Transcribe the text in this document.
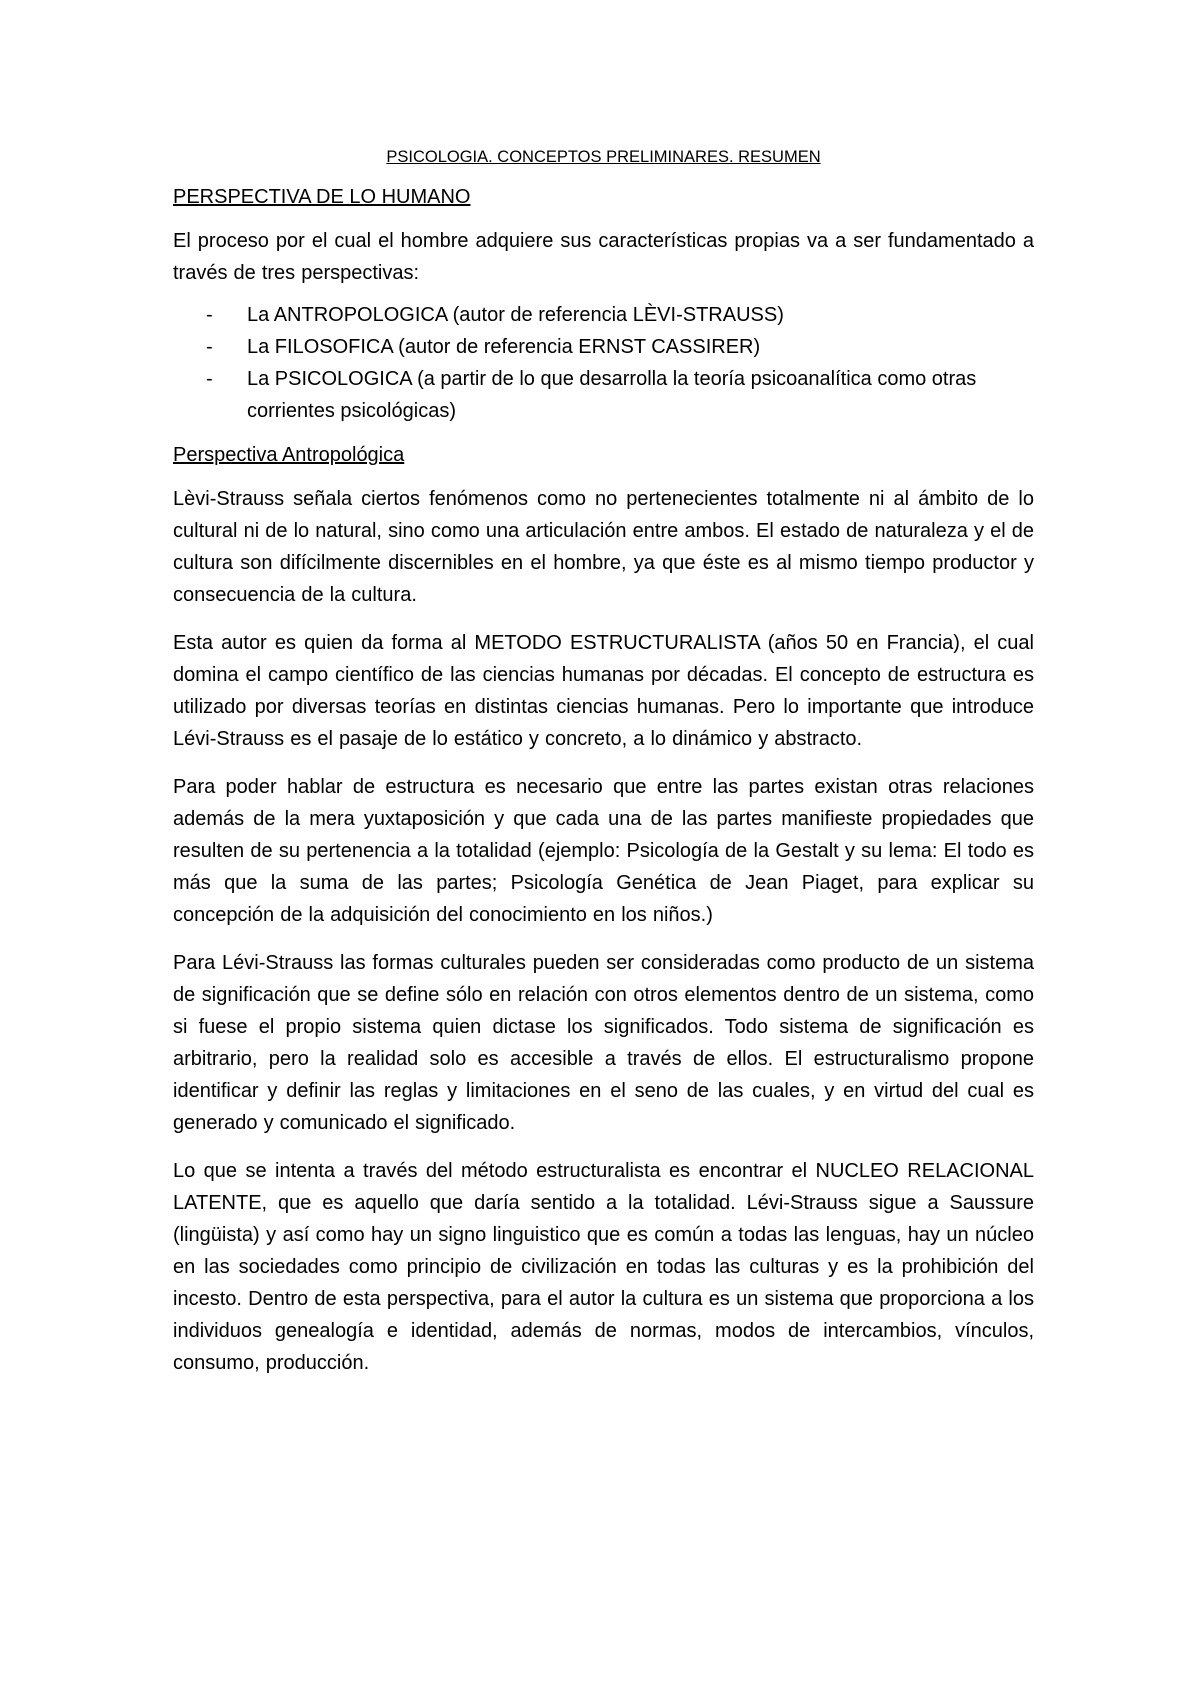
PSICOLOGIA. CONCEPTOS PRELIMINARES. RESUMEN
PERSPECTIVA DE LO HUMANO

El proceso por el cual el hombre adquiere sus características propias va a ser fundamentado a través de tres perspectivas:

- La ANTROPOLOGICA (autor de referencia LÈVI-STRAUSS)
- La FILOSOFICA (autor de referencia ERNST CASSIRER)
- La PSICOLOGICA (a partir de lo que desarrolla la teoría psicoanalítica como otras corrientes psicológicas)
Perspectiva Antropológica

Lèvi-Strauss señala ciertos fenómenos como no pertenecientes totalmente ni al ámbito de lo cultural ni de lo natural, sino como una articulación entre ambos. El estado de naturaleza y el de cultura son difícilmente discernibles en el hombre, ya que éste es al mismo tiempo productor y consecuencia de la cultura.

Esta autor es quien da forma al METODO ESTRUCTURALISTA (años 50 en Francia), el cual domina el campo científico de las ciencias humanas por décadas. El concepto de estructura es utilizado por diversas teorías en distintas ciencias humanas. Pero lo importante que introduce Lévi-Strauss es el pasaje de lo estático y concreto, a lo dinámico y abstracto.

Para poder hablar de estructura es necesario que entre las partes existan otras relaciones además de la mera yuxtaposición y que cada una de las partes manifieste propiedades que resulten de su pertenencia a la totalidad (ejemplo: Psicología de la Gestalt y su lema: El todo es más que la suma de las partes; Psicología Genética de Jean Piaget, para explicar su concepción de la adquisición del conocimiento en los niños.)

Para Lévi-Strauss las formas culturales pueden ser consideradas como producto de un sistema de significación que se define sólo en relación con otros elementos dentro de un sistema, como si fuese el propio sistema quien dictase los significados. Todo sistema de significación es arbitrario, pero la realidad solo es accesible a través de ellos. El estructuralismo propone identificar y definir las reglas y limitaciones en el seno de las cuales, y en virtud del cual es generado y comunicado el significado.

Lo que se intenta a través del método estructuralista es encontrar el NUCLEO RELACIONAL LATENTE, que es aquello que daría sentido a la totalidad. Lévi-Strauss sigue a Saussure (lingüista) y así como hay un signo linguistico que es común a todas las lenguas, hay un núcleo en las sociedades como principio de civilización en todas las culturas y es la prohibición del incesto. Dentro de esta perspectiva, para el autor la cultura es un sistema que proporciona a los individuos genealogía e identidad, además de normas, modos de intercambios, vínculos, consumo, producción.
